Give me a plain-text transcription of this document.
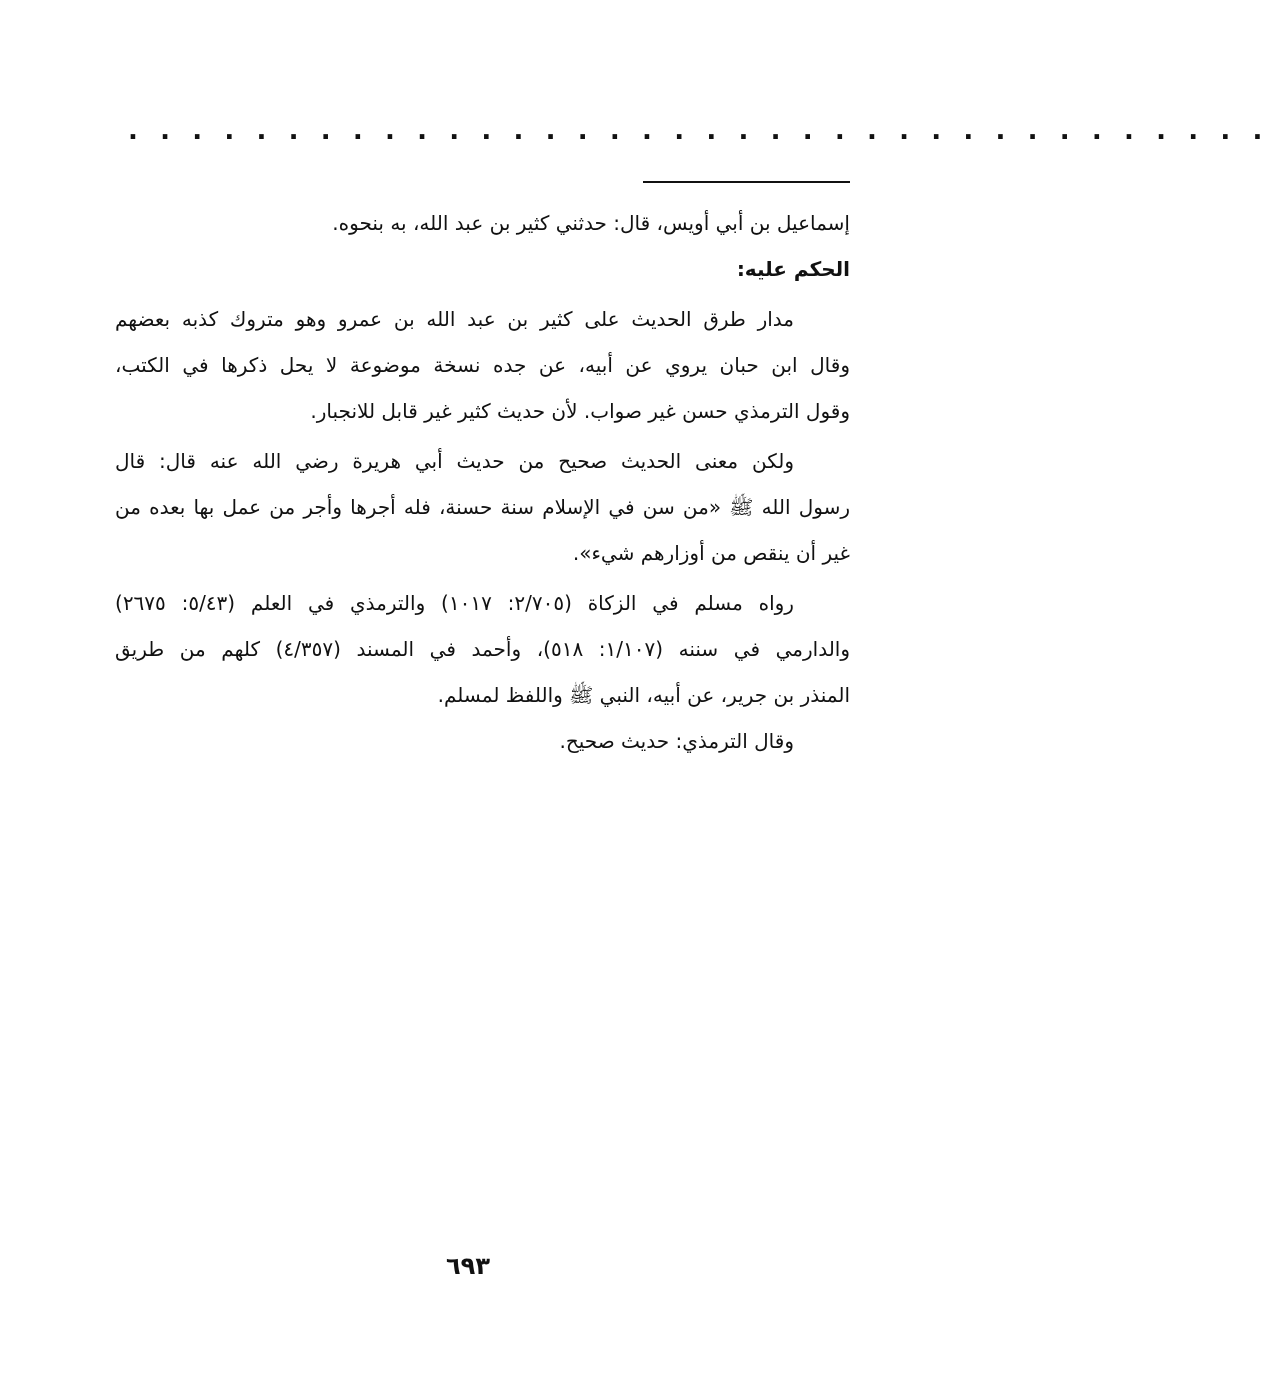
. . . . . . . . . . . . . . . . . . . . . . . . . . . . . . . . . . . .

إسماعيل بن أبي أويس، قال: حدثني كثير بن عبد الله، به بنحوه.

الحكم عليه:

مدار طرق الحديث على كثير بن عبد الله بن عمرو وهو متروك كذبه بعضهم
وقال ابن حبان يروي عن أبيه، عن جده نسخة موضوعة لا يحل ذكرها في الكتب،
وقول الترمذي حسن غير صواب. لأن حديث كثير غير قابل للانجبار.

ولكن معنى الحديث صحيح من حديث أبي هريرة رضي الله عنه قال: قال
رسول الله ﷺ «من سن في الإسلام سنة حسنة، فله أجرها وأجر من عمل بها بعده من
غير أن ينقص من أوزارهم شيء».

رواه مسلم في الزكاة (٢/٧٠٥: ١٠١٧) والترمذي في العلم (٥/٤٣: ٢٦٧٥)
والدارمي في سننه (١/١٠٧: ٥١٨)، وأحمد في المسند (٤/٣٥٧) كلهم من طريق
المنذر بن جرير، عن أبيه، النبي ﷺ واللفظ لمسلم.

وقال الترمذي: حديث صحيح.

٦٩٣
